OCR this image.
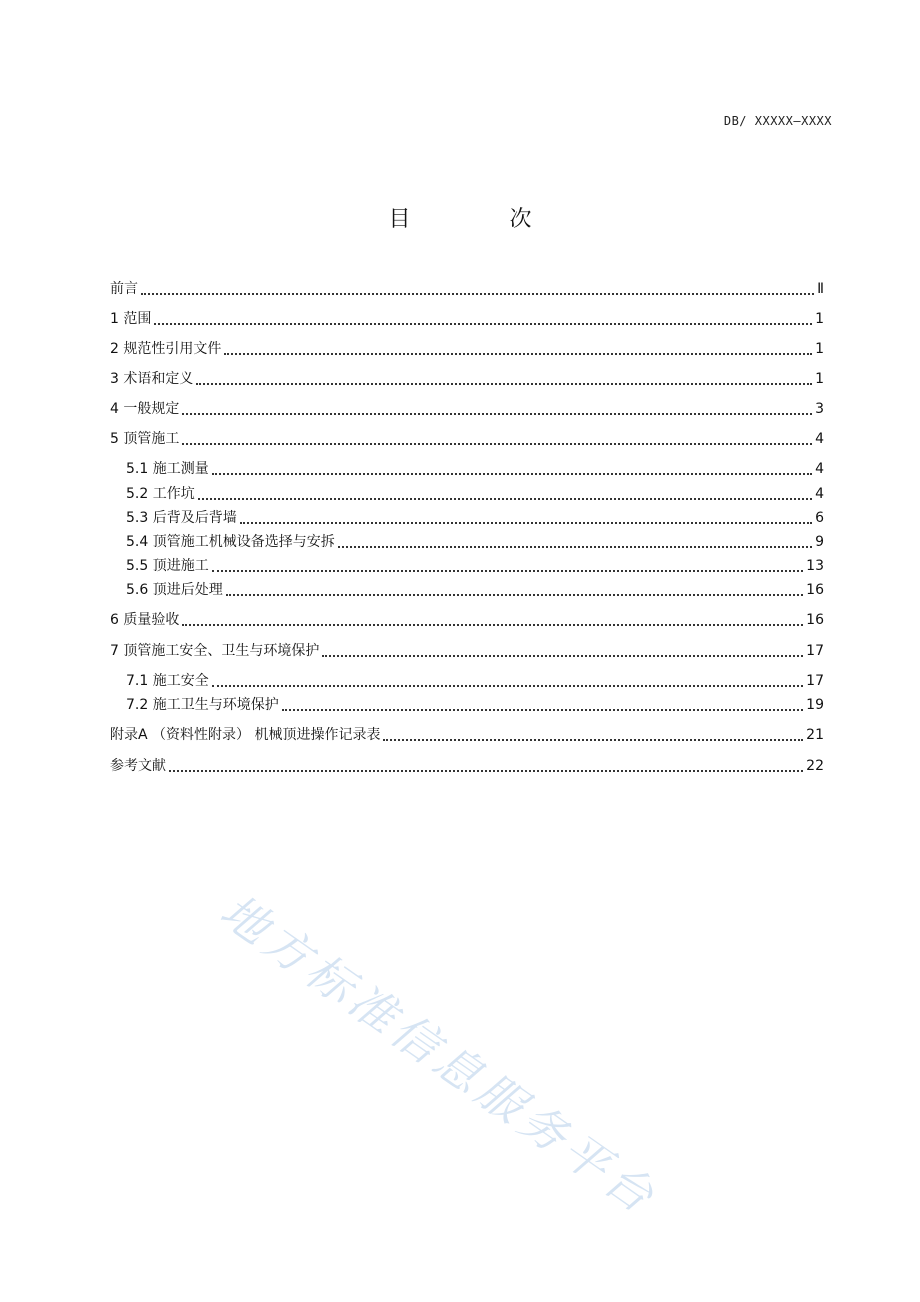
DB/ XXXXX—XXXX
目 次
前言	Ⅱ
1 范围	1
2 规范性引用文件	1
3 术语和定义	1
4 一般规定	3
5 顶管施工	4
5.1 施工测量	4
5.2 工作坑	4
5.3 后背及后背墙	6
5.4 顶管施工机械设备选择与安拆	9
5.5 顶进施工	13
5.6 顶进后处理	16
6 质量验收	16
7 顶管施工安全、卫生与环境保护	17
7.1 施工安全	17
7.2 施工卫生与环境保护	19
附录A （资料性附录） 机械顶进操作记录表	21
参考文献	22
地方标准信息服务平台
